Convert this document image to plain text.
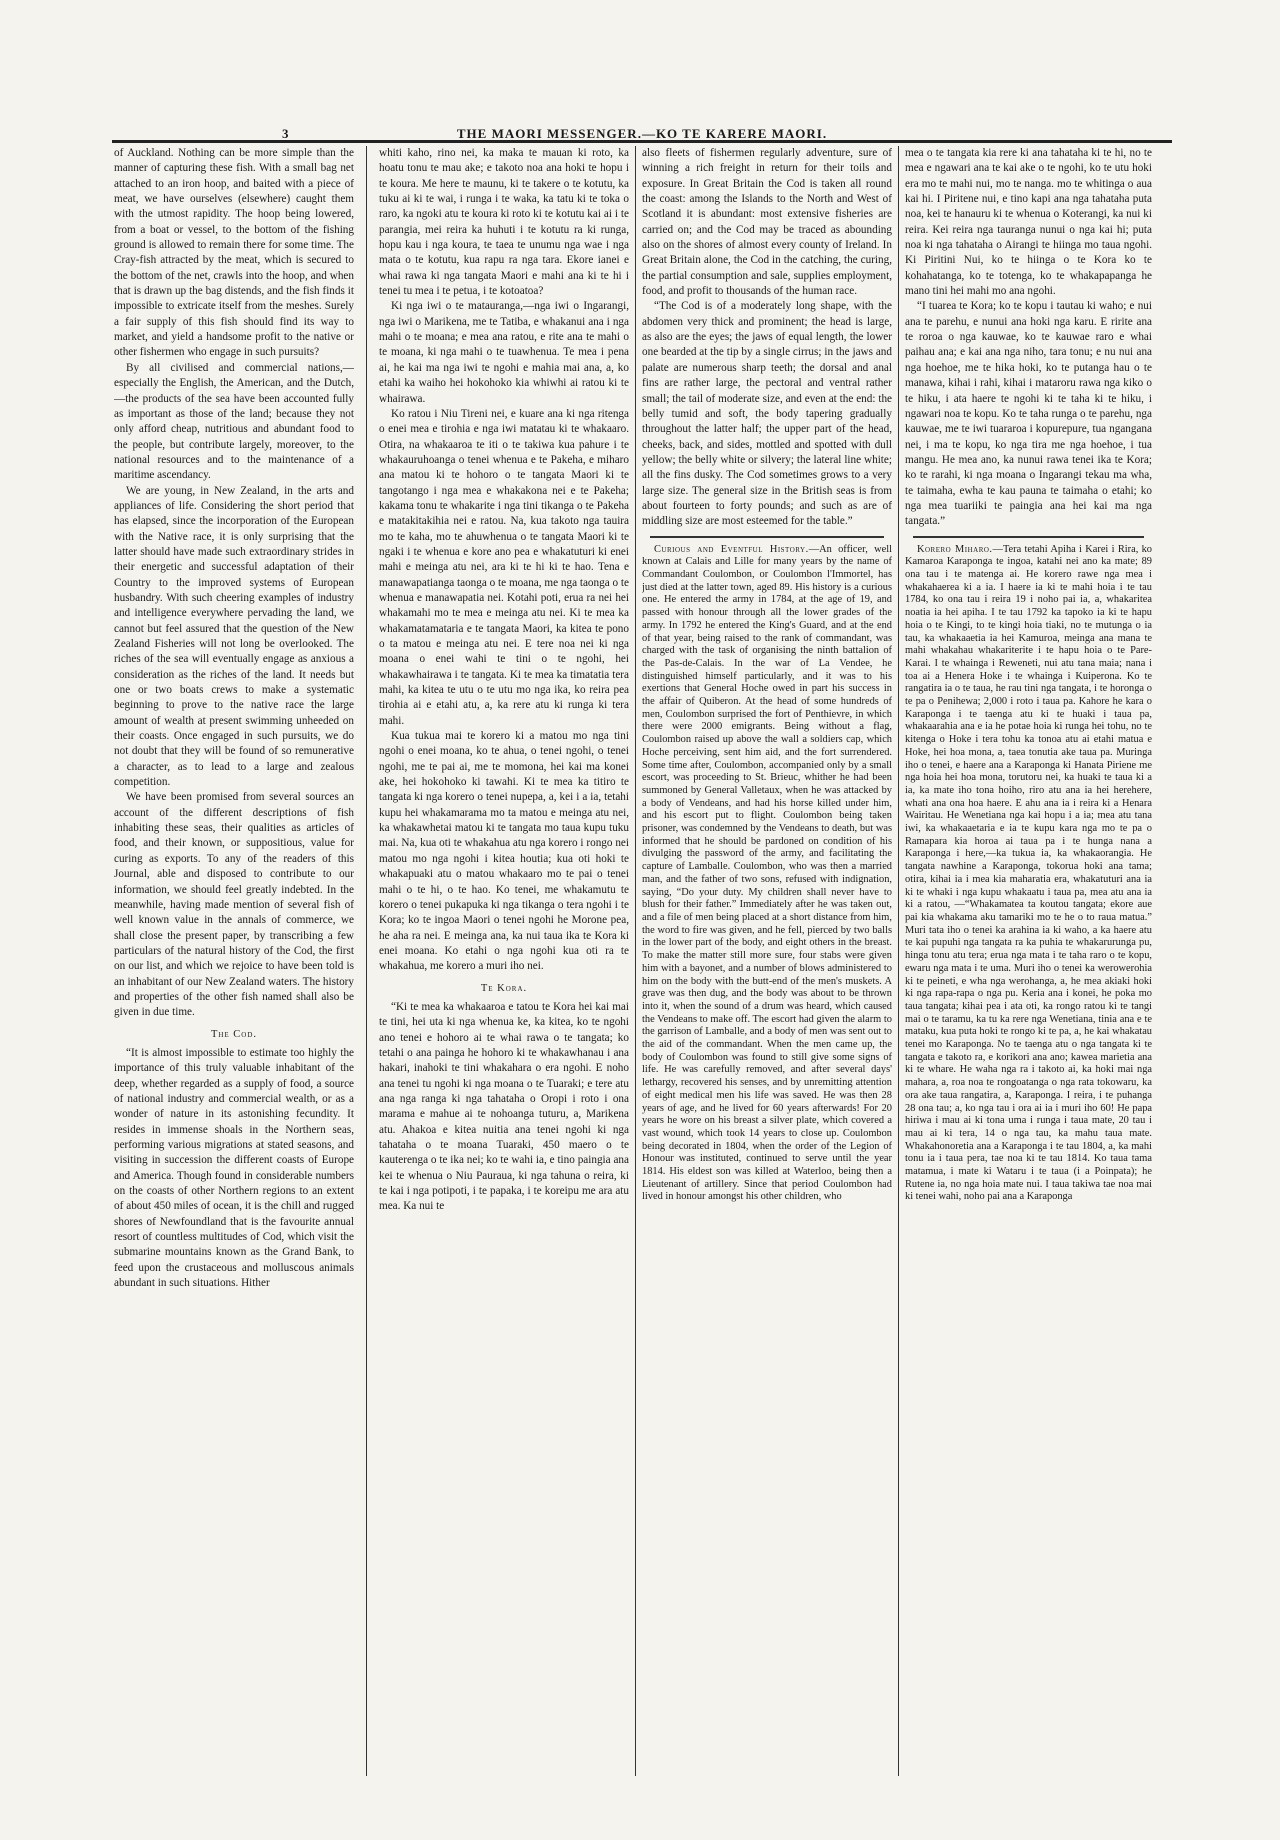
3	THE MAORI MESSENGER.—KO TE KARERE MAORI.

of Auckland. Nothing can be more simple than the manner of capturing these fish. With a small bag net attached to an iron hoop, and baited with a piece of meat, we have ourselves (elsewhere) caught them with the utmost rapidity. The hoop being lowered, from a boat or vessel, to the bottom of the fishing ground is allowed to remain there for some time. The Cray-fish attracted by the meat, which is secured to the bottom of the net, crawls into the hoop, and when that is drawn up the bag distends, and the fish finds it impossible to extricate itself from the meshes. Surely a fair supply of this fish should find its way to market, and yield a handsome profit to the native or other fishermen who engage in such pursuits?

By all civilised and commercial nations,—especially the English, the American, and the Dutch,—the products of the sea have been accounted fully as important as those of the land; because they not only afford cheap, nutritious and abundant food to the people, but contribute largely, moreover, to the national resources and to the maintenance of a maritime ascendancy.

We are young, in New Zealand, in the arts and appliances of life. Considering the short period that has elapsed, since the incorporation of the European with the Native race, it is only surprising that the latter should have made such extraordinary strides in their energetic and successful adaptation of their Country to the improved systems of European husbandry. With such cheering examples of industry and intelligence everywhere pervading the land, we cannot but feel assured that the question of the New Zealand Fisheries will not long be overlooked. The riches of the sea will eventually engage as anxious a consideration as the riches of the land. It needs but one or two boats crews to make a systematic beginning to prove to the native race the large amount of wealth at present swimming unheeded on their coasts. Once engaged in such pursuits, we do not doubt that they will be found of so remunerative a character, as to lead to a large and zealous competition.

We have been promised from several sources an account of the different descriptions of fish inhabiting these seas, their qualities as articles of food, and their known, or suppositious, value for curing as exports. To any of the readers of this Journal, able and disposed to contribute to our information, we should feel greatly indebted. In the meanwhile, having made mention of several fish of well known value in the annals of commerce, we shall close the present paper, by transcribing a few particulars of the natural history of the Cod, the first on our list, and which we rejoice to have been told is an inhabitant of our New Zealand waters. The history and properties of the other fish named shall also be given in due time.

The Cod.

“It is almost impossible to estimate too highly the importance of this truly valuable inhabitant of the deep, whether regarded as a supply of food, a source of national industry and commercial wealth, or as a wonder of nature in its astonishing fecundity. It resides in immense shoals in the Northern seas, performing various migrations at stated seasons, and visiting in succession the different coasts of Europe and America. Though found in considerable numbers on the coasts of other Northern regions to an extent of about 450 miles of ocean, it is the chill and rugged shores of Newfoundland that is the favourite annual resort of countless multitudes of Cod, which visit the submarine mountains known as the Grand Bank, to feed upon the crustaceous and molluscous animals abundant in such situations. Hither

whiti kaho, rino nei, ka maka te mauan ki roto, ka hoatu tonu te mau ake; e takoto noa ana hoki te hopu i te koura. Me here te maunu, ki te takere o te kotutu, ka tuku ai ki te wai, i runga i te waka, ka tatu ki te toka o raro, ka ngoki atu te koura ki roto ki te kotutu kai ai i te parangia, mei reira ka huhuti i te kotutu ra ki runga, hopu kau i nga koura, te taea te unumu nga wae i nga mata o te kotutu, kua rapu ra nga tara. Ekore ianei e whai rawa ki nga tangata Maori e mahi ana ki te hi i tenei tu mea i te petua, i te kotoatoa?

Ki nga iwi o te matauranga,—nga iwi o Ingarangi, nga iwi o Marikena, me te Tatiba, e whakanui ana i nga mahi o te moana; e mea ana ratou, e rite ana te mahi o te moana, ki nga mahi o te tuawhenua. Te mea i pena ai, he kai ma nga iwi te ngohi e mahia mai ana, a, ko etahi ka waiho hei hokohoko kia whiwhi ai ratou ki te whairawa.

Ko ratou i Niu Tireni nei, e kuare ana ki nga ritenga o enei mea e tirohia e nga iwi matatau ki te whakaaro. Otira, na whakaaroa te iti o te takiwa kua pahure i te whakauruhoanga o tenei whenua e te Pakeha, e miharo ana matou ki te hohoro o te tangata Maori ki te tangotango i nga mea e whakakona nei e te Pakeha; kakama tonu te whakarite i nga tini tikanga o te Pakeha e matakitakihia nei e ratou. Na, kua takoto nga tauira mo te kaha, mo te ahuwhenua o te tangata Maori ki te ngaki i te whenua e kore ano pea e whakatuturi ki enei mahi e meinga atu nei, ara ki te hi ki te hao. Tena e manawapatianga taonga o te moana, me nga taonga o te whenua e manawapatia nei. Kotahi poti, erua ra nei hei whakamahi mo te mea e meinga atu nei. Ki te mea ka whakamatamataria e te tangata Maori, ka kitea te pono o ta matou e meinga atu nei. E tere noa nei ki nga moana o enei wahi te tini o te ngohi, hei whakawhairawa i te tangata. Ki te mea ka timatatia tera mahi, ka kitea te utu o te utu mo nga ika, ko reira pea tirohia ai e etahi atu, a, ka rere atu ki runga ki tera mahi.

Kua tukua mai te korero ki a matou mo nga tini ngohi o enei moana, ko te ahua, o tenei ngohi, o tenei ngohi, me te pai ai, me te momona, hei kai ma konei ake, hei hokohoko ki tawahi. Ki te mea ka titiro te tangata ki nga korero o tenei nupepa, a, kei i a ia, tetahi kupu hei whakamarama mo ta matou e meinga atu nei, ka whakawhetai matou ki te tangata mo taua kupu tuku mai. Na, kua oti te whakahua atu nga korero i rongo nei matou mo nga ngohi i kitea houtia; kua oti hoki te whakapuaki atu o matou whakaaro mo te pai o tenei mahi o te hi, o te hao. Ko tenei, me whakamutu te korero o tenei pukapuka ki nga tikanga o tera ngohi i te Kora; ko te ingoa Maori o tenei ngohi he Morone pea, he aha ra nei. E meinga ana, ka nui taua ika te Kora ki enei moana. Ko etahi o nga ngohi kua oti ra te whakahua, me korero a muri iho nei.

Te Kora.

“Ki te mea ka whakaaroa e tatou te Kora hei kai mai te tini, hei uta ki nga whenua ke, ka kitea, ko te ngohi ano tenei e hohoro ai te whai rawa o te tangata; ko tetahi o ana painga he hohoro ki te whakawhanau i ana hakari, inahoki te tini whakahara o era ngohi. E noho ana tenei tu ngohi ki nga moana o te Tuaraki; e tere atu ana nga ranga ki nga tahataha o Oropi i roto i ona marama e mahue ai te nohoanga tuturu, a, Marikena atu. Ahakoa e kitea nuitia ana tenei ngohi ki nga tahataha o te moana Tuaraki, 450 maero o te kauterenga o te ika nei; ko te wahi ia, e tino paingia ana kei te whenua o Niu Pauraua, ki nga tahuna o reira, ki te kai i nga potipoti, i te papaka, i te koreipu me ara atu mea. Ka nui te

also fleets of fishermen regularly adventure, sure of winning a rich freight in return for their toils and exposure. In Great Britain the Cod is taken all round the coast: among the Islands to the North and West of Scotland it is abundant: most extensive fisheries are carried on; and the Cod may be traced as abounding also on the shores of almost every county of Ireland. In Great Britain alone, the Cod in the catching, the curing, the partial consumption and sale, supplies employment, food, and profit to thousands of the human race.

“The Cod is of a moderately long shape, with the abdomen very thick and prominent; the head is large, as also are the eyes; the jaws of equal length, the lower one bearded at the tip by a single cirrus; in the jaws and palate are numerous sharp teeth; the dorsal and anal fins are rather large, the pectoral and ventral rather small; the tail of moderate size, and even at the end: the belly tumid and soft, the body tapering gradually throughout the latter half; the upper part of the head, cheeks, back, and sides, mottled and spotted with dull yellow; the belly white or silvery; the lateral line white; all the fins dusky. The Cod sometimes grows to a very large size. The general size in the British seas is from about fourteen to forty pounds; and such as are of middling size are most esteemed for the table.”

Curious and Eventful History.—An officer, well known at Calais and Lille for many years by the name of Commandant Coulombon, or Coulombon l'Immortel, has just died at the latter town, aged 89. His history is a curious one. He entered the army in 1784, at the age of 19, and passed with honour through all the lower grades of the army. In 1792 he entered the King's Guard, and at the end of that year, being raised to the rank of commandant, was charged with the task of organising the ninth battalion of the Pas-de-Calais. In the war of La Vendee, he distinguished himself particularly, and it was to his exertions that General Hoche owed in part his success in the affair of Quiberon. At the head of some hundreds of men, Coulombon surprised the fort of Penthievre, in which there were 2000 emigrants. Being without a flag, Coulombon raised up above the wall a soldiers cap, which Hoche perceiving, sent him aid, and the fort surrendered. Some time after, Coulombon, accompanied only by a small escort, was proceeding to St. Brieuc, whither he had been summoned by General Valletaux, when he was attacked by a body of Vendeans, and had his horse killed under him, and his escort put to flight. Coulombon being taken prisoner, was condemned by the Vendeans to death, but was informed that he should be pardoned on condition of his divulging the password of the army, and facilitating the capture of Lamballe. Coulombon, who was then a married man, and the father of two sons, refused with indignation, saying, “Do your duty. My children shall never have to blush for their father.” Immediately after he was taken out, and a file of men being placed at a short distance from him, the word to fire was given, and he fell, pierced by two balls in the lower part of the body, and eight others in the breast. To make the matter still more sure, four stabs were given him with a bayonet, and a number of blows administered to him on the body with the butt-end of the men's muskets. A grave was then dug, and the body was about to be thrown into it, when the sound of a drum was heard, which caused the Vendeans to make off. The escort had given the alarm to the garrison of Lamballe, and a body of men was sent out to the aid of the commandant. When the men came up, the body of Coulombon was found to still give some signs of life. He was carefully removed, and after several days' lethargy, recovered his senses, and by unremitting attention of eight medical men his life was saved. He was then 28 years of age, and he lived for 60 years afterwards! For 20 years he wore on his breast a silver plate, which covered a vast wound, which took 14 years to close up. Coulombon being decorated in 1804, when the order of the Legion of Honour was instituted, continued to serve until the year 1814. His eldest son was killed at Waterloo, being then a Lieutenant of artillery. Since that period Coulombon had lived in honour amongst his other children, who

mea o te tangata kia rere ki ana tahataha ki te hi, no te mea e ngawari ana te kai ake o te ngohi, ko te utu hoki era mo te mahi nui, mo te nanga. mo te whitinga o aua kai hi. I Piritene nui, e tino kapi ana nga tahataha puta noa, kei te hanauru ki te whenua o Koterangi, ka nui ki reira. Kei reira nga tauranga nunui o nga kai hi; puta noa ki nga tahataha o Airangi te hiinga mo taua ngohi. Ki Piritini Nui, ko te hiinga o te Kora ko te kohahatanga, ko te totenga, ko te whakapapanga he mano tini hei mahi mo ana ngohi.

“I tuarea te Kora; ko te kopu i tautau ki waho; e nui ana te parehu, e nunui ana hoki nga karu. E ririte ana te roroa o nga kauwae, ko te kauwae raro e whai paihau ana; e kai ana nga niho, tara tonu; e nu nui ana nga hoehoe, me te hika hoki, ko te putanga hau o te manawa, kihai i rahi, kihai i mataroru rawa nga kiko o te hiku, i ata haere te ngohi ki te taha ki te hiku, i ngawari noa te kopu. Ko te taha runga o te parehu, nga kauwae, me te iwi tuararoa i kopurepure, tua ngangana nei, i ma te kopu, ko nga tira me nga hoehoe, i tua mangu. He mea ano, ka nunui rawa tenei ika te Kora; ko te rarahi, ki nga moana o Ingarangi tekau ma wha, te taimaha, ewha te kau pauna te taimaha o etahi; ko nga mea tuariiki te paingia ana hei kai ma nga tangata.”

Korero Miharo.—Tera tetahi Apiha i Karei i Rira, ko Kamaroa Karaponga te ingoa, katahi nei ano ka mate; 89 ona tau i te matenga ai. He korero rawe nga mea i whakahaerea ki a ia. I haere ia ki te mahi hoia i te tau 1784, ko ona tau i reira 19 i noho pai ia, a, whakaritea noatia ia hei apiha. I te tau 1792 ka tapoko ia ki te hapu hoia o te Kingi, to te kingi hoia tiaki, no te mutunga o ia tau, ka whakaaetia ia hei Kamuroa, meinga ana mana te mahi whakahau whakariterite i te hapu hoia o te Pare-Karai. I te whainga i Reweneti, nui atu tana maia; nana i toa ai a Henera Hoke i te whainga i Kuiperona. Ko te rangatira ia o te taua, he rau tini nga tangata, i te horonga o te pa o Penihewa; 2,000 i roto i taua pa. Kahore he kara o Karaponga i te taenga atu ki te huaki i taua pa, whakaarahia ana e ia he potae hoia ki runga hei tohu, no te kitenga o Hoke i tera tohu ka tonoa atu ai etahi matua e Hoke, hei hoa mona, a, taea tonutia ake taua pa. Muringa iho o tenei, e haere ana a Karaponga ki Hanata Piriene me nga hoia hei hoa mona, torutoru nei, ka huaki te taua ki a ia, ka mate iho tona hoiho, riro atu ana ia hei herehere, whati ana ona hoa haere. E ahu ana ia i reira ki a Henara Wairitau. He Wenetiana nga kai hopu i a ia; mea atu tana iwi, ka whakaaetaria e ia te kupu kara nga mo te pa o Ramapara kia horoa ai taua pa i te hunga nana a Karaponga i here,—ka tukua ia, ka whakaorangia. He tangata nawhine a Karaponga, tokorua hoki ana tama; otira, kihai ia i mea kia maharatia era, whakatuturi ana ia ki te whaki i nga kupu whakaatu i taua pa, mea atu ana ia ki a ratou, —“Whakamatea ta koutou tangata; ekore aue pai kia whakama aku tamariki mo te he o to raua matua.” Muri tata iho o tenei ka arahina ia ki waho, a ka haere atu te kai pupuhi nga tangata ra ka puhia te whakarurunga pu, hinga tonu atu tera; erua nga mata i te taha raro o te kopu, ewaru nga mata i te uma. Muri iho o tenei ka werowerohia ki te peineti, e wha nga werohanga, a, he mea akiaki hoki ki nga rapa-rapa o nga pu. Keria ana i konei, he poka mo taua tangata; kihai pea i ata oti, ka rongo ratou ki te tangi mai o te taramu, ka tu ka rere nga Wenetiana, tinia ana e te mataku, kua puta hoki te rongo ki te pa, a, he kai whakatau tenei mo Karaponga. No te taenga atu o nga tangata ki te tangata e takoto ra, e korikori ana ano; kawea marietia ana ki te whare. He waha nga ra i takoto ai, ka hoki mai nga mahara, a, roa noa te rongoatanga o nga rata tokowaru, ka ora ake taua rangatira, a, Karaponga. I reira, i te puhanga 28 ona tau; a, ko nga tau i ora ai ia i muri iho 60! He papa hiriwa i mau ai ki tona uma i runga i taua mate, 20 tau i mau ai ki tera, 14 o nga tau, ka mahu taua mate. Whakahonoretia ana a Karaponga i te tau 1804, a, ka mahi tonu ia i taua pera, tae noa ki te tau 1814. Ko taua tama matamua, i mate ki Wataru i te taua (i a Poinpata); he Rutene ia, no nga hoia mate nui. I taua takiwa tae noa mai ki tenei wahi, noho pai ana a Karaponga
